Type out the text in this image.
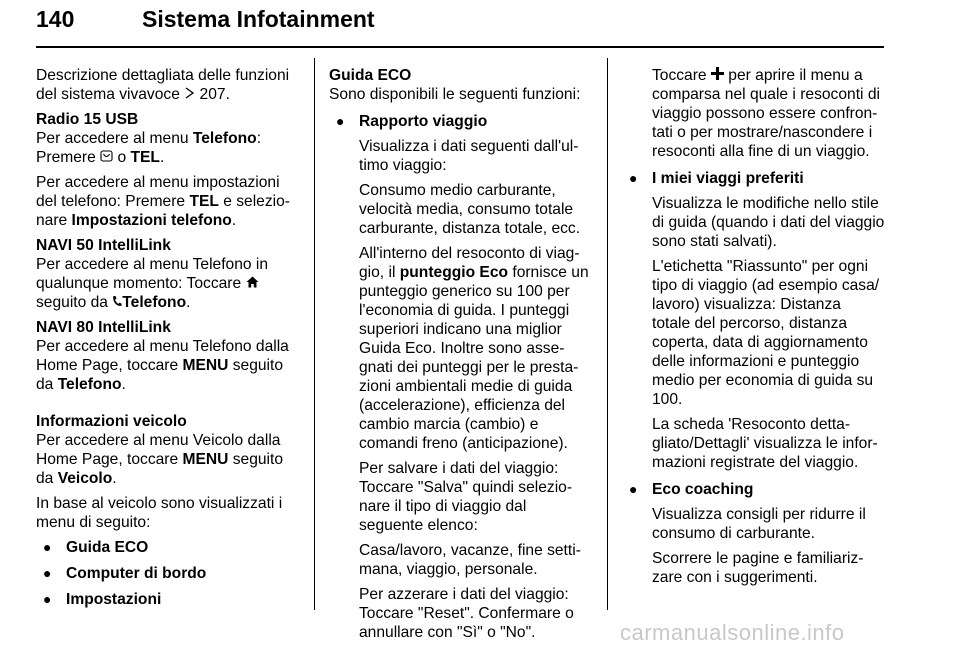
140	Sistema Infotainment
Descrizione dettagliata delle funzioni
del sistema vivavoce  207.
Radio 15 USB
Per accedere al menu Telefono:
Premere  o TEL.
Per accedere al menu impostazioni
del telefono: Premere TEL e selezio-
nare Impostazioni telefono.
NAVI 50 IntelliLink
Per accedere al menu Telefono in
qualunque momento: Toccare
seguito da Telefono.
NAVI 80 IntelliLink
Per accedere al menu Telefono dalla
Home Page, toccare MENU seguito
da Telefono.
Informazioni veicolo
Per accedere al menu Veicolo dalla
Home Page, toccare MENU seguito
da Veicolo.
In base al veicolo sono visualizzati i
menu di seguito:
● Guida ECO
● Computer di bordo
● Impostazioni
Guida ECO
Sono disponibili le seguenti funzioni:
● Rapporto viaggio
Visualizza i dati seguenti dall'ul-
timo viaggio:
Consumo medio carburante,
velocità media, consumo totale
carburante, distanza totale, ecc.
All'interno del resoconto di viag-
gio, il punteggio Eco fornisce un
punteggio generico su 100 per
l'economia di guida. I punteggi
superiori indicano una miglior
Guida Eco. Inoltre sono asse-
gnati dei punteggi per le presta-
zioni ambientali medie di guida
(accelerazione), efficienza del
cambio marcia (cambio) e
comandi freno (anticipazione).
Per salvare i dati del viaggio:
Toccare "Salva" quindi selezio-
nare il tipo di viaggio dal
seguente elenco:
Casa/lavoro, vacanze, fine setti-
mana, viaggio, personale.
Per azzerare i dati del viaggio:
Toccare "Reset". Confermare o
annullare con "Sì" o "No".
Toccare  per aprire il menu a
comparsa nel quale i resoconti di
viaggio possono essere confron-
tati o per mostrare/nascondere i
resoconti alla fine di un viaggio.
● I miei viaggi preferiti
Visualizza le modifiche nello stile
di guida (quando i dati del viaggio
sono stati salvati).
L'etichetta "Riassunto" per ogni
tipo di viaggio (ad esempio casa/
lavoro) visualizza: Distanza
totale del percorso, distanza
coperta, data di aggiornamento
delle informazioni e punteggio
medio per economia di guida su
100.
La scheda 'Resoconto detta-
gliato/Dettagli' visualizza le infor-
mazioni registrate del viaggio.
● Eco coaching
Visualizza consigli per ridurre il
consumo di carburante.
Scorrere le pagine e familiariz-
zare con i suggerimenti.
carmanualsonline.info
